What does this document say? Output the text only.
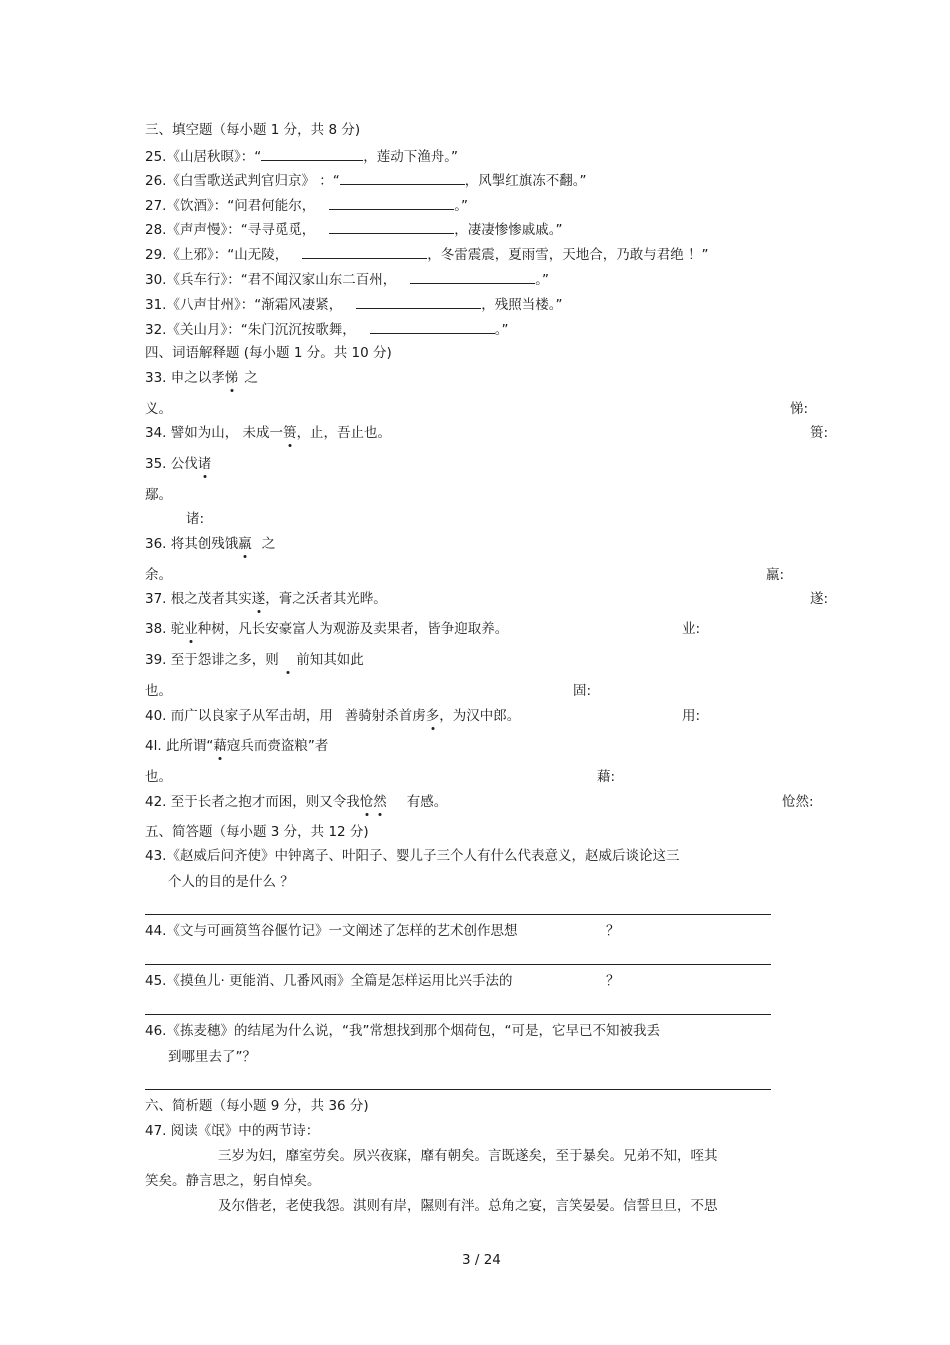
三、填空题（每小题 1 分，共 8 分)
25.《山居秋暝》：“	，莲动下渔舟。”
26.《白雪歌送武判官归京》 ：“	，风掣红旗冻不翻。”
27.《饮酒》：“问君何能尔，	。”
28.《声声慢》：“寻寻觅觅，	，凄凄惨惨戚戚。”
29.《上邪》：“山无陵，	，冬雷震震，夏雨雪，天地合，乃敢与君绝 ！”
30.《兵车行》：“君不闻汉家山东二百州，	。”
31.《八声甘州》：“渐霜风凄紧，	，残照当楼。”
32.《关山月》：“朱门沉沉按歌舞，	。”
四、词语解释题 (每小题 1 分。共 10 分)
33. 申之以孝悌 之
义。	悌:
34. 譬如为山， 未成一篑，止，吾止也。	篑:
35. 公伐诸
鄢。
诸:
36. 将其创残饿羸 之
余。	羸:
37. 根之茂者其实遂，膏之沃者其光晔。	遂:
38. 驼业种树，凡长安豪富人为观游及卖果者，皆争迎取养。	业:
39. 至于怨诽之多，则 前知其如此
也。	固:
40. 而广以良家子从军击胡，用 善骑射杀首虏多，为汉中郎。	用:
4l. 此所谓“藉寇兵而赍盗粮”者
也。	藉:
42. 至于长者之抱才而困，则又令我怆然 有感。	怆然:
五、简答题（每小题 3 分，共 12 分)
43.《赵威后问齐使》中钟离子、叶阳子、婴儿子三个人有什么代表意义，赵威后谈论这三
个人的目的是什么 ？
44.《文与可画筼筜谷偃竹记》一文阐述了怎样的艺术创作思想	？
45.《摸鱼儿· 更能消、几番风雨》全篇是怎样运用比兴手法的	？
46.《拣麦穗》的结尾为什么说，“我”常想找到那个烟荷包，“可是，它早已不知被我丢
到哪里去了”？
六、简析题（每小题 9 分，共 36 分)
47. 阅读《氓》中的两节诗：
三岁为妇，靡室劳矣。夙兴夜寐，靡有朝矣。言既遂矣，至于暴矣。兄弟不知，咥其
笑矣。静言思之，躬自悼矣。
及尔偕老，老使我怨。淇则有岸，隰则有泮。总角之宴，言笑晏晏。信誓旦旦，不思
3 / 24
